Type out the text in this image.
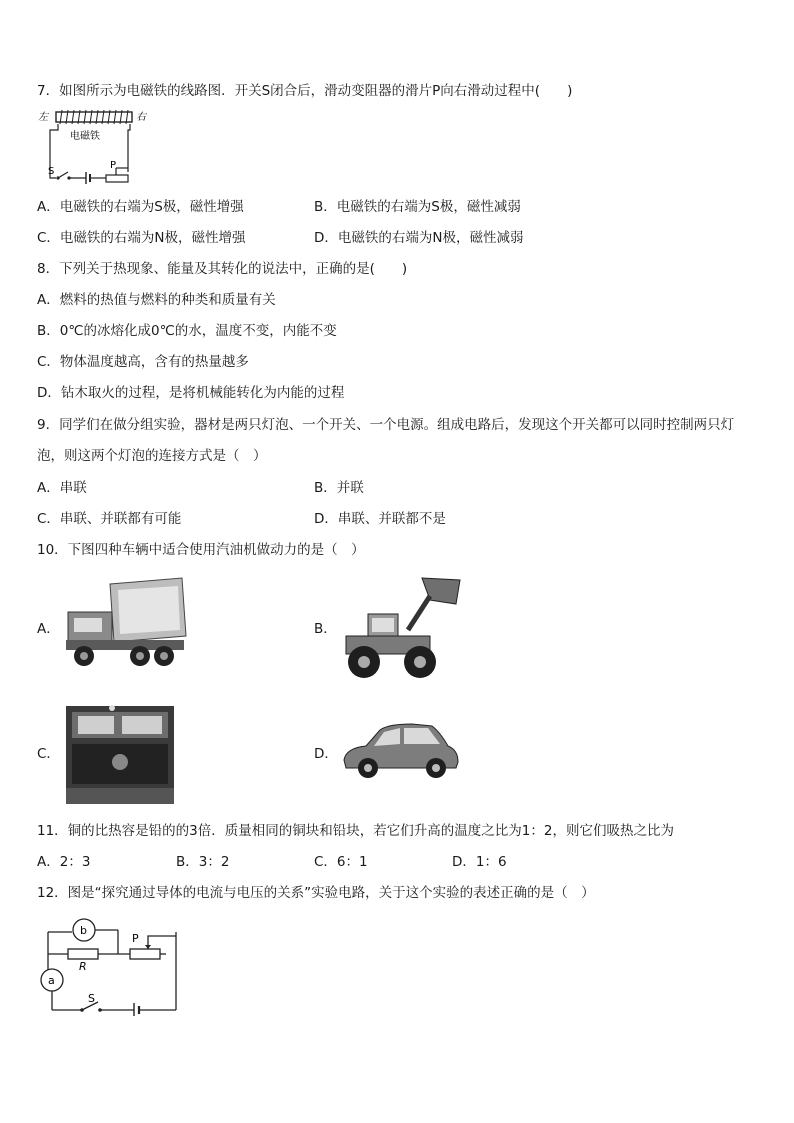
7．如图所示为电磁铁的线路图．开关S闭合后，滑动变阻器的滑片P向右滑动过程中(　　)
左	右
电磁铁
S
P
A．电磁铁的右端为S极，磁性增强	B．电磁铁的右端为S极，磁性减弱
C．电磁铁的右端为N极，磁性增强	D．电磁铁的右端为N极，磁性减弱
8．下列关于热现象、能量及其转化的说法中，正确的是(　　)
A．燃料的热值与燃料的种类和质量有关
B．0℃的冰熔化成0℃的水，温度不变，内能不变
C．物体温度越高，含有的热量越多
D．钻木取火的过程，是将机械能转化为内能的过程
9．同学们在做分组实验，器材是两只灯泡、一个开关、一个电源。组成电路后，发现这个开关都可以同时控制两只灯
泡，则这两个灯泡的连接方式是（　）
A．串联	B．并联
C．串联、并联都有可能	D．串联、并联都不是
10．下图四种车辆中适合使用汽油机做动力的是（　）
A．	B．
C．	D．
11．铜的比热容是铅的的3倍．质量相同的铜块和铅块，若它们升高的温度之比为1：2，则它们吸热之比为
A．2：3	B．3：2	C．6：1	D．1：6
12．图是“探究通过导体的电流与电压的关系”实验电路，关于这个实验的表述正确的是（　）
b
R
P
a
S
